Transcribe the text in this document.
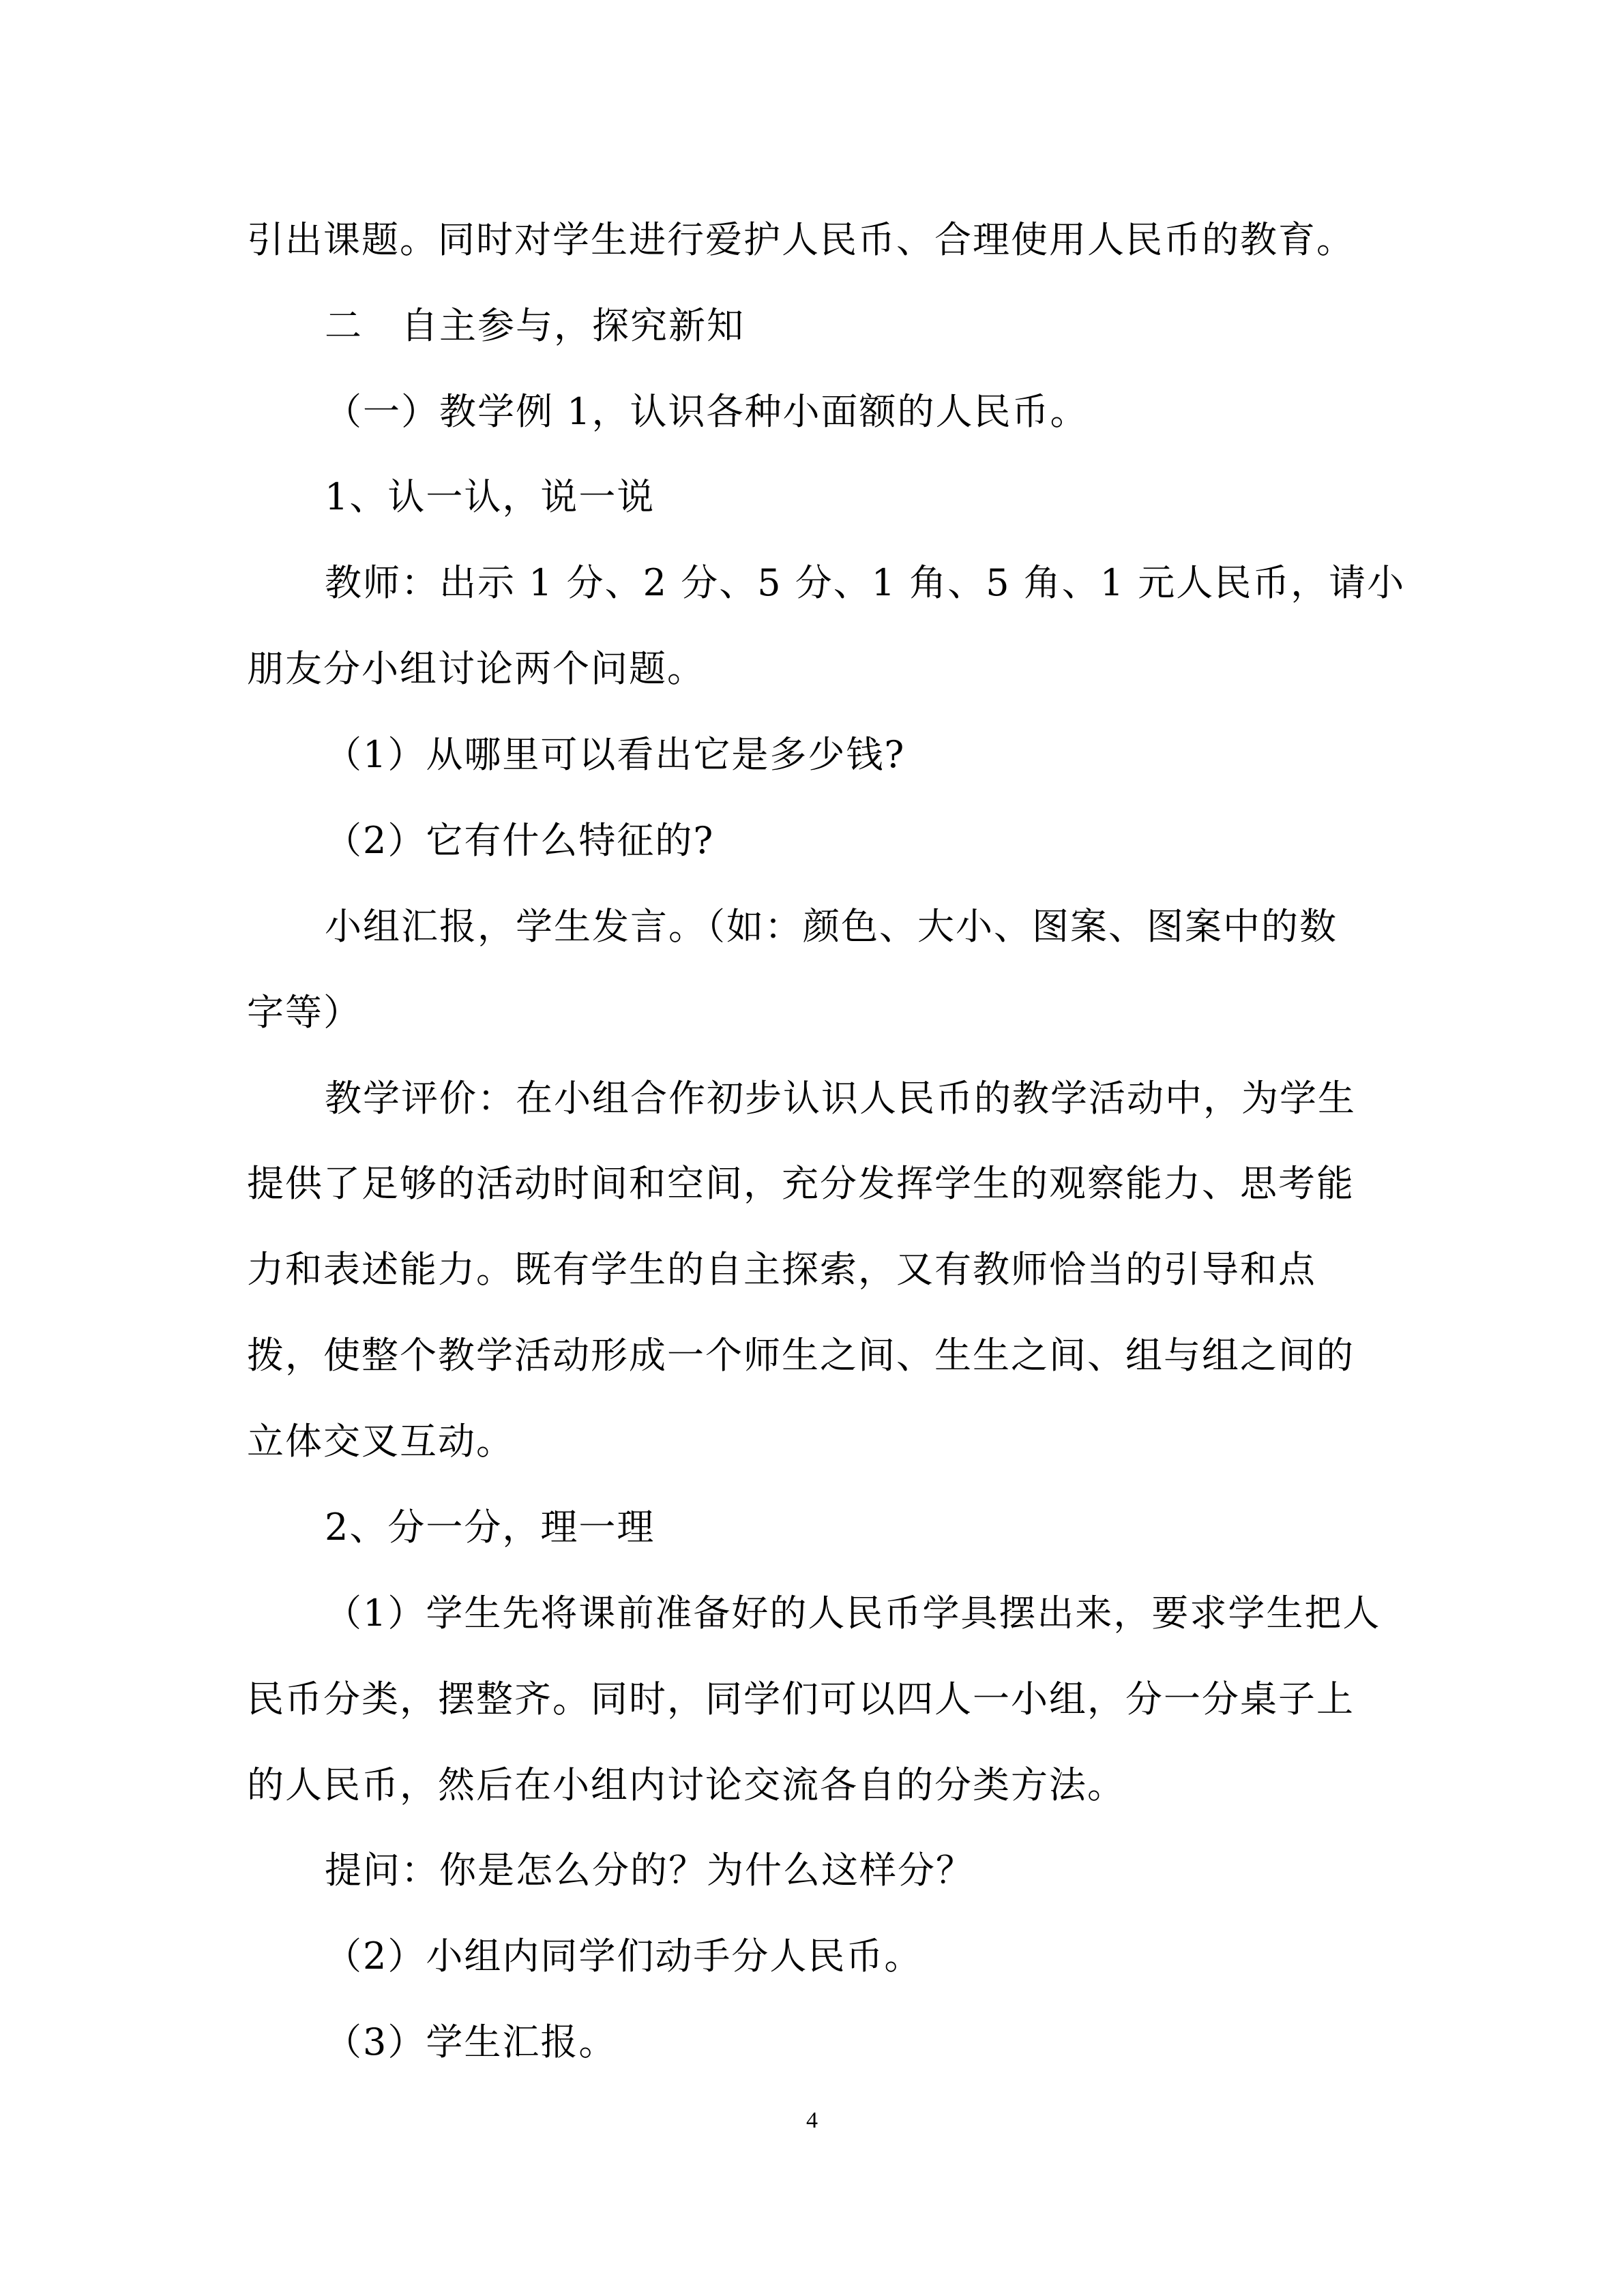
引出课题。同时对学生进行爱护人民币、合理使用人民币的教育。
二　自主参与，探究新知
（一）教学例 1，认识各种小面额的人民币。
1、认一认，说一说
教师：出示 1 分、2 分、5 分、1 角、5 角、1 元人民币，请小
朋友分小组讨论两个问题。
（1）从哪里可以看出它是多少钱?
（2）它有什么特征的?
小组汇报，学生发言。（如：颜色、大小、图案、图案中的数
字等）
教学评价：在小组合作初步认识人民币的教学活动中，为学生
提供了足够的活动时间和空间，充分发挥学生的观察能力、思考能
力和表述能力。既有学生的自主探索，又有教师恰当的引导和点
拨，使整个教学活动形成一个师生之间、生生之间、组与组之间的
立体交叉互动。
2、分一分，理一理
（1）学生先将课前准备好的人民币学具摆出来，要求学生把人
民币分类，摆整齐。同时，同学们可以四人一小组，分一分桌子上
的人民币，然后在小组内讨论交流各自的分类方法。
提问：你是怎么分的？为什么这样分？
（2）小组内同学们动手分人民币。
（3）学生汇报。
4
